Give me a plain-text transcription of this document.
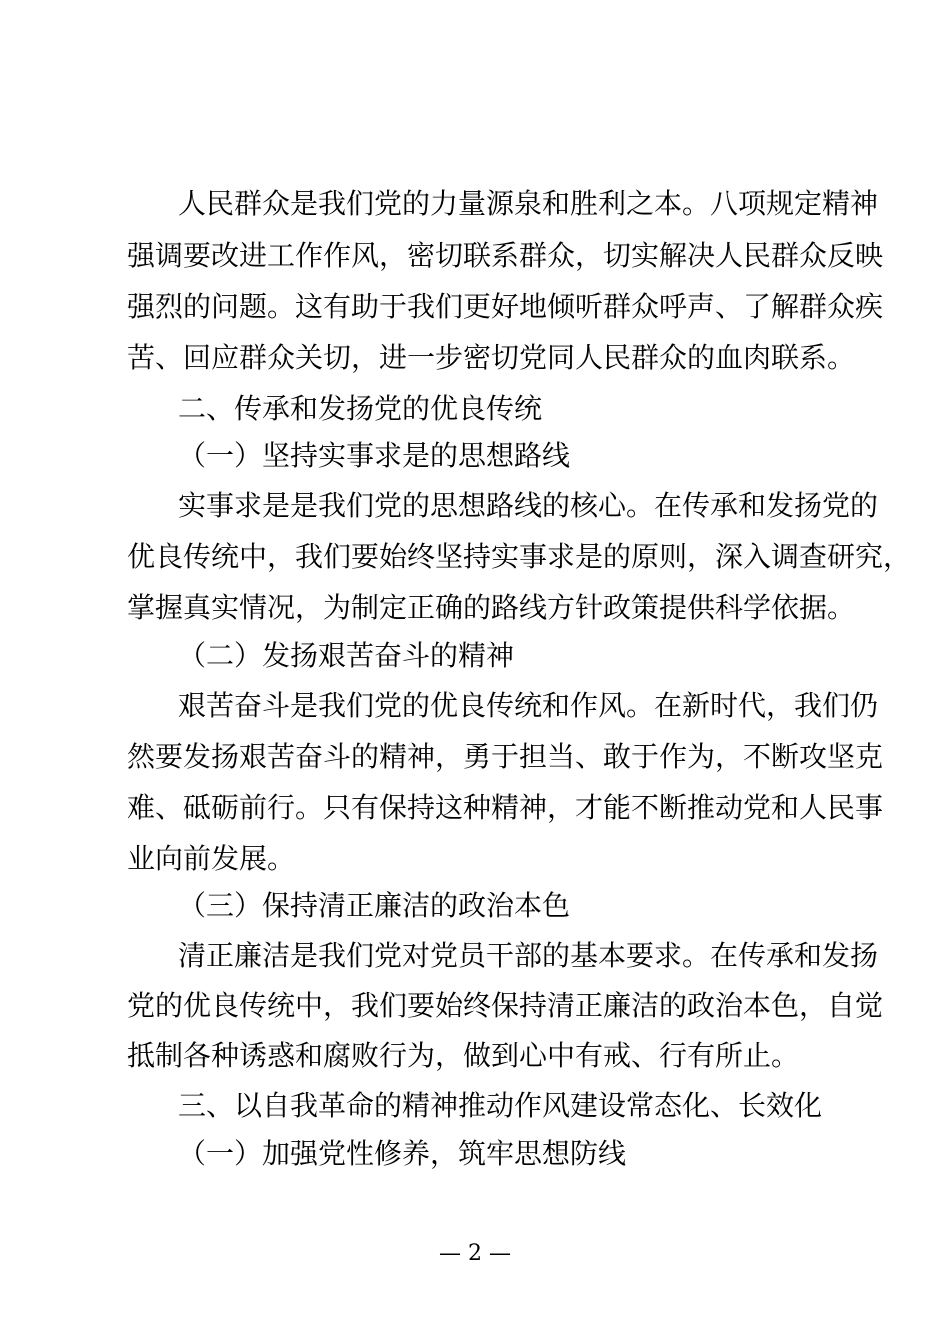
人民群众是我们党的力量源泉和胜利之本。八项规定精神

强调要改进工作作风，密切联系群众，切实解决人民群众反映

强烈的问题。这有助于我们更好地倾听群众呼声、了解群众疾

苦、回应群众关切，进一步密切党同人民群众的血肉联系。

二、传承和发扬党的优良传统

（一）坚持实事求是的思想路线

实事求是是我们党的思想路线的核心。在传承和发扬党的

优良传统中，我们要始终坚持实事求是的原则，深入调查研究，

掌握真实情况，为制定正确的路线方针政策提供科学依据。

（二）发扬艰苦奋斗的精神

艰苦奋斗是我们党的优良传统和作风。在新时代，我们仍

然要发扬艰苦奋斗的精神，勇于担当、敢于作为，不断攻坚克

难、砥砺前行。只有保持这种精神，才能不断推动党和人民事

业向前发展。

（三）保持清正廉洁的政治本色

清正廉洁是我们党对党员干部的基本要求。在传承和发扬

党的优良传统中，我们要始终保持清正廉洁的政治本色，自觉

抵制各种诱惑和腐败行为，做到心中有戒、行有所止。

三、以自我革命的精神推动作风建设常态化、长效化

（一）加强党性修养，筑牢思想防线

— 2 —
